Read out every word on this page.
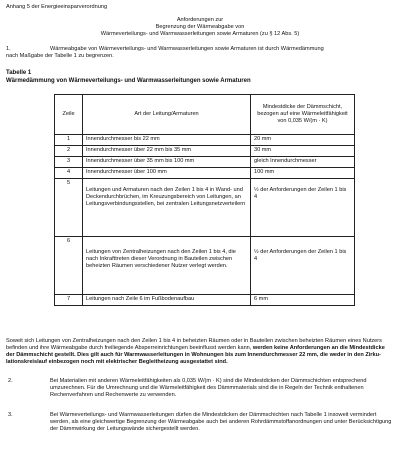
Anhang 5 der Energieeinsparverordnung
Anforderungen zur
Begrenzung der Wärmeabgabe von
Wärmeverteilungs- und Warmwasserleitungen sowie Armaturen (zu § 12 Abs. 5)
1.	Wärmeabgabe von Wärmeverteilungs- und Warmwasserleitungen sowie Armaturen ist durch Wärmedämmung
nach Maßgabe der Tabelle 1 zu begrenzen.
Tabelle 1
Wärmedämmung von Wärmeverteilungs- und Warmwasserleitungen sowie Armaturen
Zeile	Art der Leitung/Armaturen	Mindestdicke der Dämmschicht, bezogen auf eine Wärmeleitfähigkeit von 0,035 W/(m · K)
1	Innendurchmesser bis 22 mm	20 mm
2	Innendurchmesser über 22 mm bis 35 mm	30 mm
3	Innendurchmesser über 35 mm bis 100 mm	gleich Innendurchmesser
4	Innendurchmesser über 100 mm	100 mm
5	Leitungen und Armaturen nach den Zeilen 1 bis 4 in Wand- und Deckendurchbrüchen, im Kreuzungsbereich von Leitungen, an Leitungsverbindungsstellen, bei zentralen Leitungsnetzverteilern	½ der Anforderungen der Zeilen 1 bis 4
6	Leitungen von Zentralheizungen nach den Zeilen 1 bis 4, die nach Inkrafttreten dieser Verordnung in Bauteilen zwischen beheizten Räumen verschiedener Nutzer verlegt werden.	½ der Anforderungen der Zeilen 1 bis 4
7	Leitungen nach Zeile 6 im Fußbodenaufbau	6 mm
Soweit sich Leitungen von Zentralheizungen nach den Zeilen 1 bis 4 in beheizten Räumen oder in Bauteilen zwischen beheizten Räumen eines Nutzers befinden und ihre Wärmeabgabe durch freiliegende Absperreinrichtungen beeinflusst werden kann, werden keine Anforderungen an die Mindestdicke der Dämmschicht gestellt. Dies gilt auch für Warmwasserleitungen in Wohnungen bis zum Innendurchmesser 22 mm, die weder in den Zirkulationskreislauf einbezogen noch mit elektrischer Begleitheizung ausgestattet sind.
2.	Bei Materialien mit anderen Wärmeleitfähigkeiten als 0,035 W/(m · K) sind die Mindestdicken der Dämmschichten entsprechend umzurechnen. Für die Umrechnung und die Wärmeleitfähigkeit des Dämmmaterials sind die in Regeln der Technik enthaltenen Rechenverfahren und Rechenwerte zu verwenden.
3.	Bei Wärmeverteilungs- und Warmwasserleitungen dürfen die Mindestdicken der Dämmschichten nach Tabelle 1 insoweit vermindert werden, als eine gleichwertige Begrenzung der Wärmeabgabe auch bei anderen Rohrdämmstoffanordnungen und unter Berücksichtigung der Dämmwirkung der Leitungswände sichergestellt werden.
